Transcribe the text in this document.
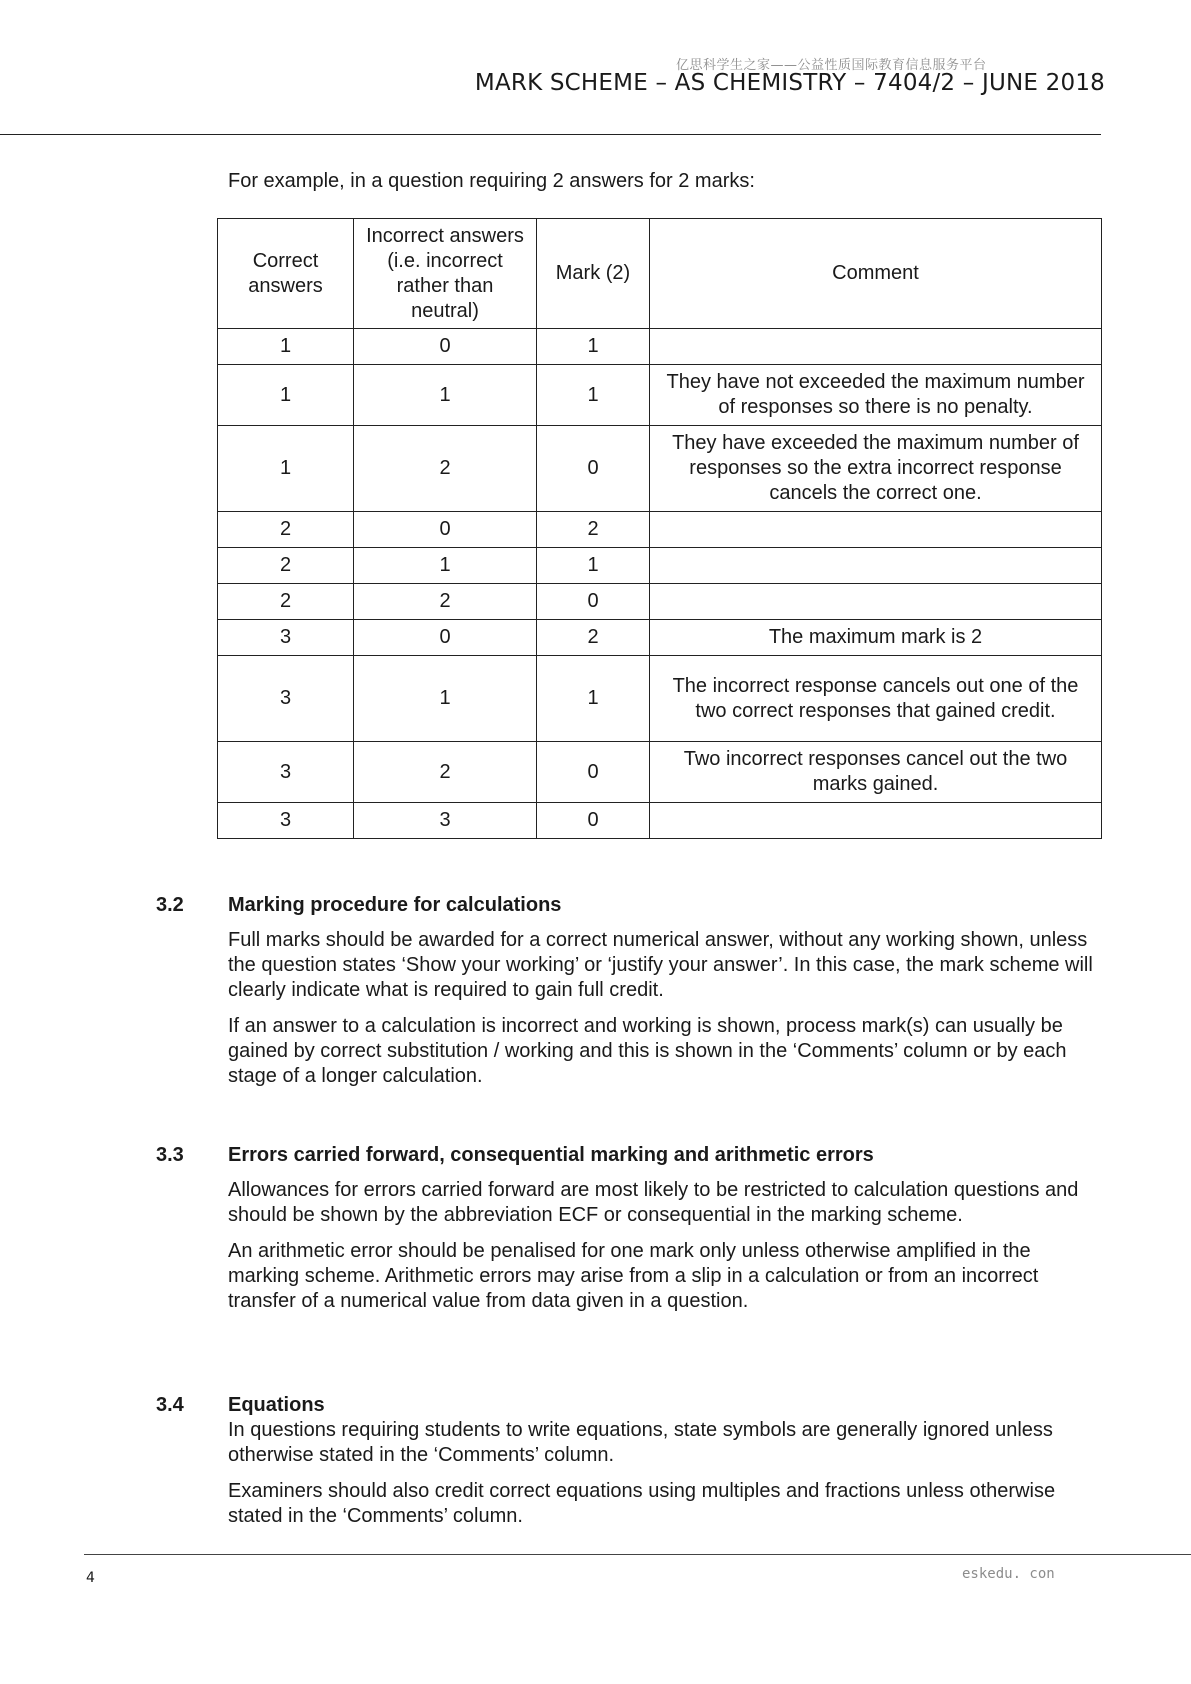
亿思科学生之家——公益性质国际教育信息服务平台
MARK SCHEME – AS CHEMISTRY – 7404/2 – JUNE 2018
For example, in a question requiring 2 answers for 2 marks:
Correct answers	Incorrect answers (i.e. incorrect rather than neutral)	Mark (2)	Comment
1	0	1	
1	1	1	They have not exceeded the maximum number of responses so there is no penalty.
1	2	0	They have exceeded the maximum number of responses so the extra incorrect response cancels the correct one.
2	0	2	
2	1	1	
2	2	0	
3	0	2	The maximum mark is 2
3	1	1	The incorrect response cancels out one of the two correct responses that gained credit.
3	2	0	Two incorrect responses cancel out the two marks gained.
3	3	0	
3.2 Marking procedure for calculations

Full marks should be awarded for a correct numerical answer, without any working shown, unless the question states ‘Show your working’ or ‘justify your answer’. In this case, the mark scheme will clearly indicate what is required to gain full credit.

If an answer to a calculation is incorrect and working is shown, process mark(s) can usually be gained by correct substitution / working and this is shown in the ‘Comments’ column or by each stage of a longer calculation.

3.3 Errors carried forward, consequential marking and arithmetic errors

Allowances for errors carried forward are most likely to be restricted to calculation questions and should be shown by the abbreviation ECF or consequential in the marking scheme.

An arithmetic error should be penalised for one mark only unless otherwise amplified in the marking scheme. Arithmetic errors may arise from a slip in a calculation or from an incorrect transfer of a numerical value from data given in a question.

3.4 Equations

In questions requiring students to write equations, state symbols are generally ignored unless otherwise stated in the ‘Comments’ column.

Examiners should also credit correct equations using multiples and fractions unless otherwise stated in the ‘Comments’ column.

4	eskedu. con
